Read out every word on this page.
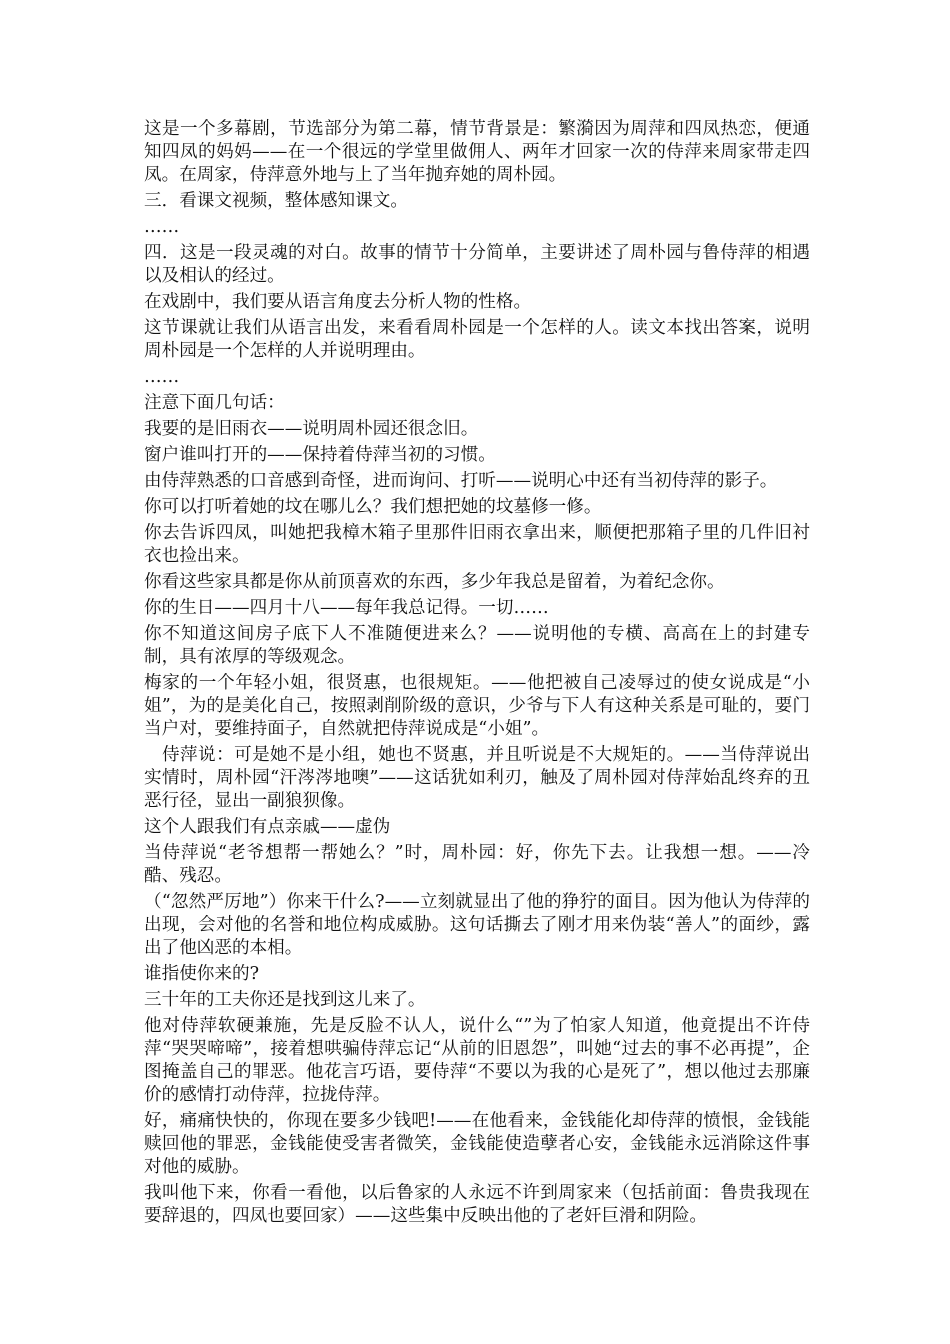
这是一个多幕剧，节选部分为第二幕，情节背景是：繁漪因为周萍和四凤热恋，便通知四凤的妈妈——在一个很远的学堂里做佣人、两年才回家一次的侍萍来周家带走四凤。在周家，侍萍意外地与上了当年抛弃她的周朴园。

三．看课文视频，整体感知课文。

……

四．这是一段灵魂的对白。故事的情节十分简单，主要讲述了周朴园与鲁侍萍的相遇以及相认的经过。

在戏剧中，我们要从语言角度去分析人物的性格。

这节课就让我们从语言出发，来看看周朴园是一个怎样的人。读文本找出答案，说明周朴园是一个怎样的人并说明理由。

……

注意下面几句话：

我要的是旧雨衣——说明周朴园还很念旧。

窗户谁叫打开的——保持着侍萍当初的习惯。

由侍萍熟悉的口音感到奇怪，进而询问、打听——说明心中还有当初侍萍的影子。

你可以打听着她的坟在哪儿么？我们想把她的坟墓修一修。

你去告诉四凤，叫她把我樟木箱子里那件旧雨衣拿出来，顺便把那箱子里的几件旧衬衣也捡出来。

你看这些家具都是你从前顶喜欢的东西，多少年我总是留着，为着纪念你。

你的生日——四月十八——每年我总记得。一切……

你不知道这间房子底下人不准随便进来么？——说明他的专横、高高在上的封建专制，具有浓厚的等级观念。

梅家的一个年轻小姐，很贤惠，也很规矩。——他把被自己凌辱过的使女说成是“小姐”，为的是美化自己，按照剥削阶级的意识，少爷与下人有这种关系是可耻的，要门当户对，要维持面子，自然就把侍萍说成是“小姐”。

侍萍说：可是她不是小组，她也不贤惠，并且听说是不大规矩的。——当侍萍说出实情时，周朴园“汗涔涔地噢”——这话犹如利刃，触及了周朴园对侍萍始乱终弃的丑恶行径，显出一副狼狈像。

这个人跟我们有点亲戚——虚伪

当侍萍说“老爷想帮一帮她么？”时，周朴园：好，你先下去。让我想一想。——冷酷、残忍。

（“忽然严厉地”）你来干什么?——立刻就显出了他的狰狞的面目。因为他认为侍萍的出现，会对他的名誉和地位构成威胁。这句话撕去了刚才用来伪装“善人”的面纱，露出了他凶恶的本相。

谁指使你来的?

三十年的工夫你还是找到这儿来了。

他对侍萍软硬兼施，先是反脸不认人，说什么“”为了怕家人知道，他竟提出不许侍萍“哭哭啼啼”，接着想哄骗侍萍忘记“从前的旧恩怨”，叫她“过去的事不必再提”，企图掩盖自己的罪恶。他花言巧语，要侍萍“不要以为我的心是死了”，想以他过去那廉价的感情打动侍萍，拉拢侍萍。

好，痛痛快快的，你现在要多少钱吧!——在他看来，金钱能化却侍萍的愤恨，金钱能赎回他的罪恶，金钱能使受害者微笑，金钱能使造孽者心安，金钱能永远消除这件事对他的威胁。

我叫他下来，你看一看他，以后鲁家的人永远不许到周家来（包括前面：鲁贵我现在要辞退的，四凤也要回家）——这些集中反映出他的了老奸巨滑和阴险。
